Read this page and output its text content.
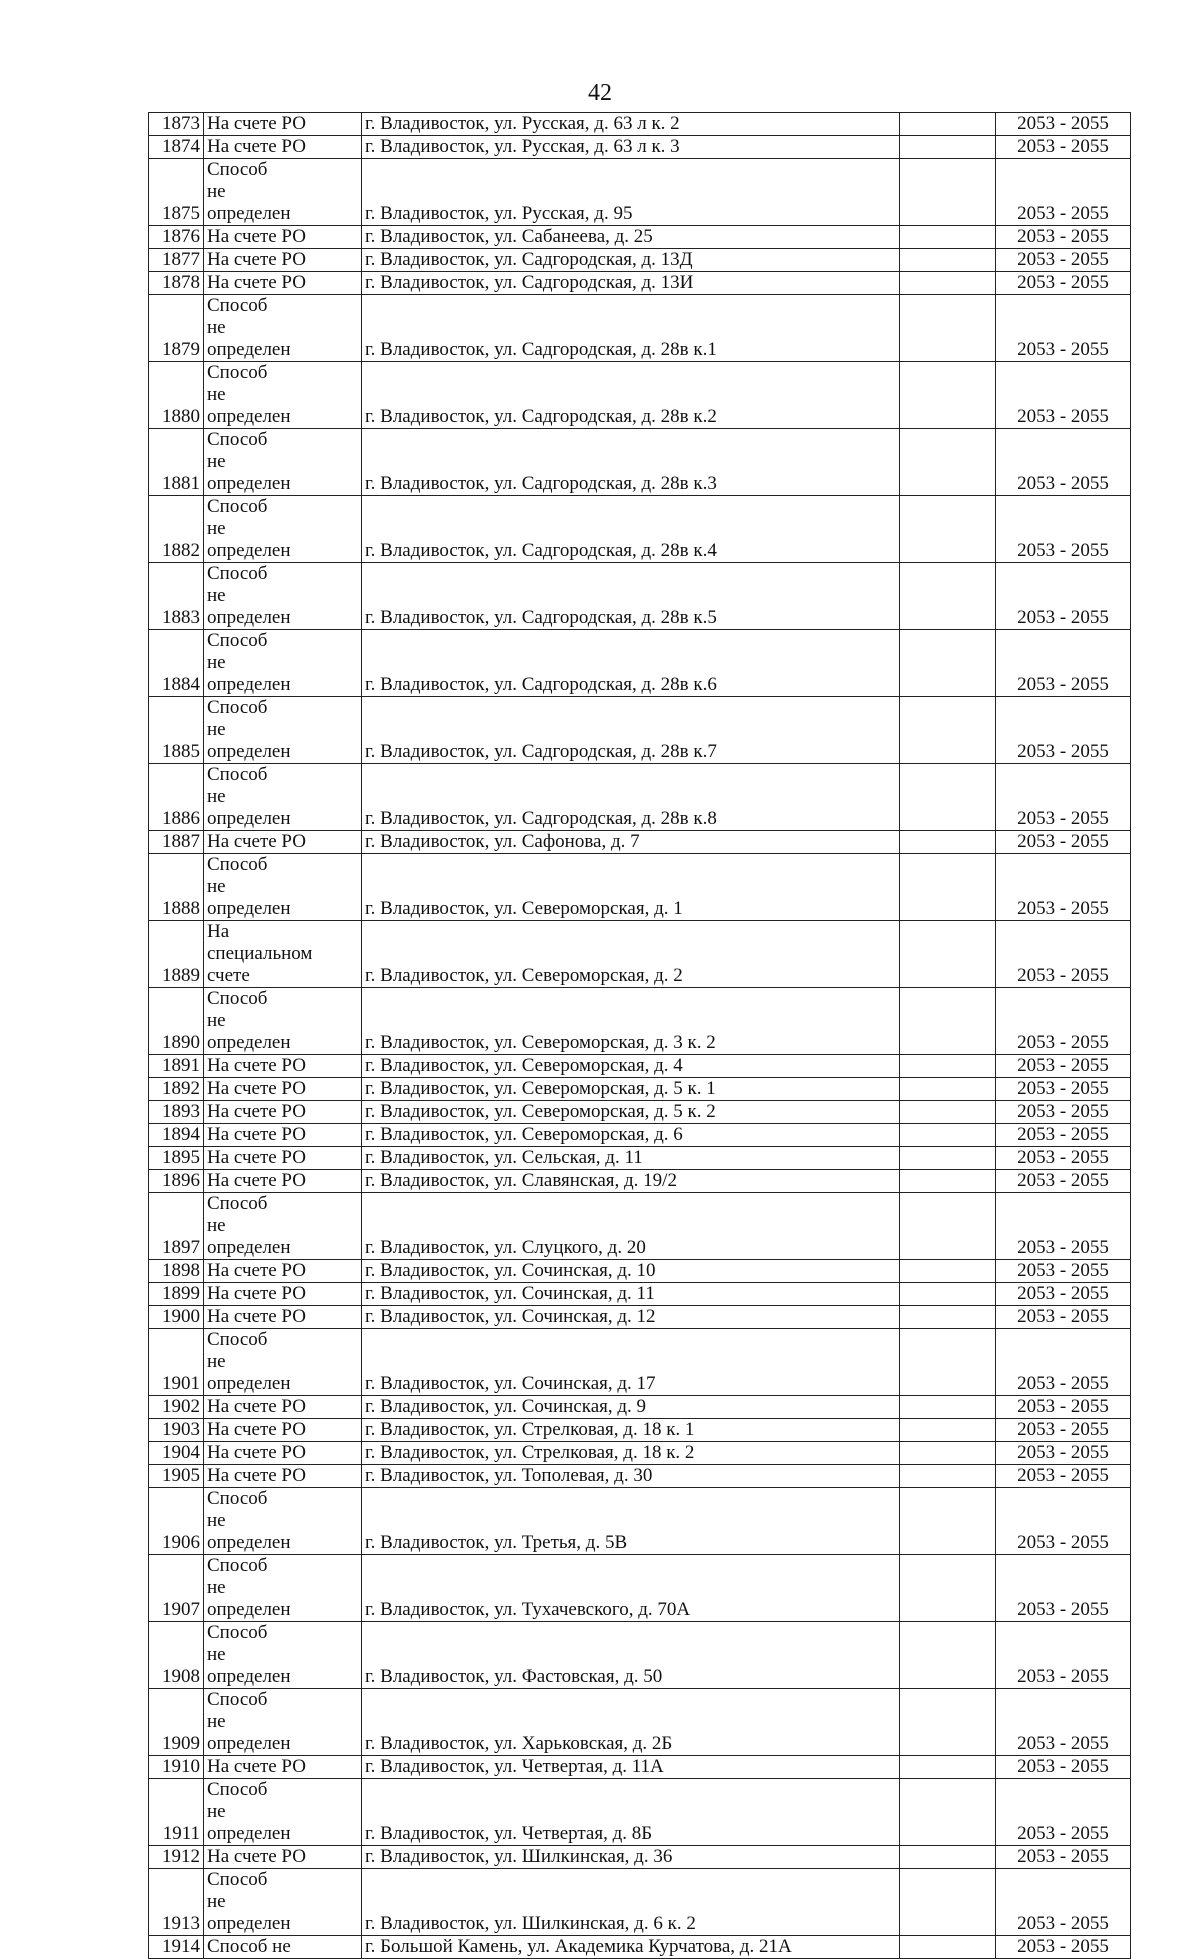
42
1873	На счете РО	г. Владивосток, ул. Русская, д. 63 л к. 2		2053 - 2055
1874	На счете РО	г. Владивосток, ул. Русская, д. 63 л к. 3		2053 - 2055
1875	Способ не определен	г. Владивосток, ул. Русская, д. 95		2053 - 2055
1876	На счете РО	г. Владивосток, ул. Сабанеева, д. 25		2053 - 2055
1877	На счете РО	г. Владивосток, ул. Садгородская, д. 13Д		2053 - 2055
1878	На счете РО	г. Владивосток, ул. Садгородская, д. 13И		2053 - 2055
1879	Способ не определен	г. Владивосток, ул. Садгородская, д. 28в к.1		2053 - 2055
1880	Способ не определен	г. Владивосток, ул. Садгородская, д. 28в к.2		2053 - 2055
1881	Способ не определен	г. Владивосток, ул. Садгородская, д. 28в к.3		2053 - 2055
1882	Способ не определен	г. Владивосток, ул. Садгородская, д. 28в к.4		2053 - 2055
1883	Способ не определен	г. Владивосток, ул. Садгородская, д. 28в к.5		2053 - 2055
1884	Способ не определен	г. Владивосток, ул. Садгородская, д. 28в к.6		2053 - 2055
1885	Способ не определен	г. Владивосток, ул. Садгородская, д. 28в к.7		2053 - 2055
1886	Способ не определен	г. Владивосток, ул. Садгородская, д. 28в к.8		2053 - 2055
1887	На счете РО	г. Владивосток, ул. Сафонова, д. 7		2053 - 2055
1888	Способ не определен	г. Владивосток, ул. Североморская, д. 1		2053 - 2055
1889	На специальном счете	г. Владивосток, ул. Североморская, д. 2		2053 - 2055
1890	Способ не определен	г. Владивосток, ул. Североморская, д. 3 к. 2		2053 - 2055
1891	На счете РО	г. Владивосток, ул. Североморская, д. 4		2053 - 2055
1892	На счете РО	г. Владивосток, ул. Североморская, д. 5 к. 1		2053 - 2055
1893	На счете РО	г. Владивосток, ул. Североморская, д. 5 к. 2		2053 - 2055
1894	На счете РО	г. Владивосток, ул. Североморская, д. 6		2053 - 2055
1895	На счете РО	г. Владивосток, ул. Сельская, д. 11		2053 - 2055
1896	На счете РО	г. Владивосток, ул. Славянская, д. 19/2		2053 - 2055
1897	Способ не определен	г. Владивосток, ул. Слуцкого, д. 20		2053 - 2055
1898	На счете РО	г. Владивосток, ул. Сочинская, д. 10		2053 - 2055
1899	На счете РО	г. Владивосток, ул. Сочинская, д. 11		2053 - 2055
1900	На счете РО	г. Владивосток, ул. Сочинская, д. 12		2053 - 2055
1901	Способ не определен	г. Владивосток, ул. Сочинская, д. 17		2053 - 2055
1902	На счете РО	г. Владивосток, ул. Сочинская, д. 9		2053 - 2055
1903	На счете РО	г. Владивосток, ул. Стрелковая, д. 18 к. 1		2053 - 2055
1904	На счете РО	г. Владивосток, ул. Стрелковая, д. 18 к. 2		2053 - 2055
1905	На счете РО	г. Владивосток, ул. Тополевая, д. 30		2053 - 2055
1906	Способ не определен	г. Владивосток, ул. Третья, д. 5В		2053 - 2055
1907	Способ не определен	г. Владивосток, ул. Тухачевского, д. 70А		2053 - 2055
1908	Способ не определен	г. Владивосток, ул. Фастовская, д. 50		2053 - 2055
1909	Способ не определен	г. Владивосток, ул. Харьковская, д. 2Б		2053 - 2055
1910	На счете РО	г. Владивосток, ул. Четвертая, д. 11А		2053 - 2055
1911	Способ не определен	г. Владивосток, ул. Четвертая, д. 8Б		2053 - 2055
1912	На счете РО	г. Владивосток, ул. Шилкинская, д. 36		2053 - 2055
1913	Способ не определен	г. Владивосток, ул. Шилкинская, д. 6 к. 2		2053 - 2055
1914	Способ не	г. Большой Камень, ул. Академика Курчатова, д. 21А		2053 - 2055
